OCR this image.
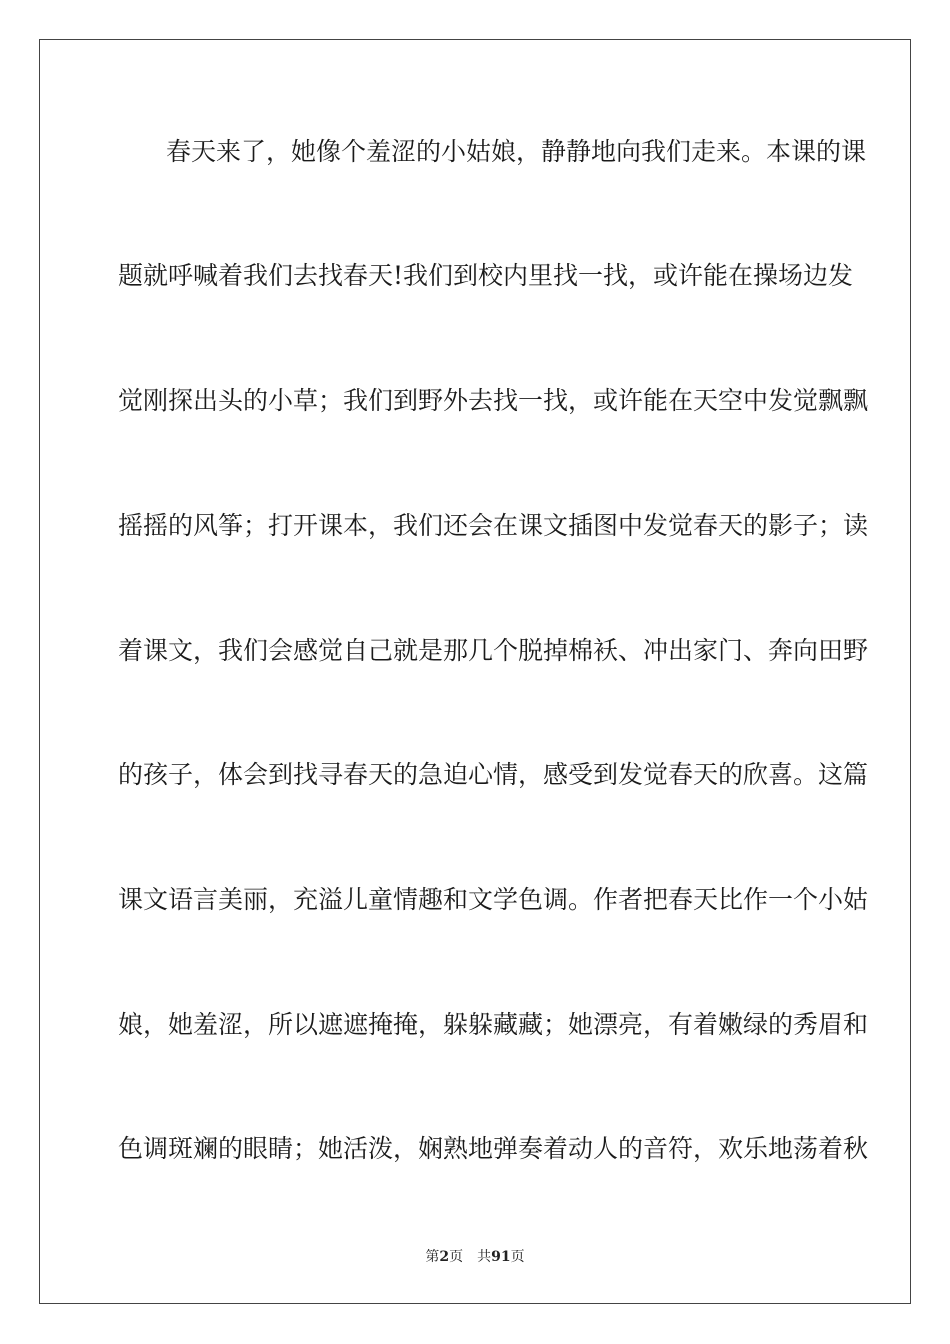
春天来了，她像个羞涩的小姑娘，静静地向我们走来。本课的课
题就呼喊着我们去找春天!我们到校内里找一找，或许能在操场边发
觉刚探出头的小草；我们到野外去找一找，或许能在天空中发觉飘飘
摇摇的风筝；打开课本，我们还会在课文插图中发觉春天的影子；读
着课文，我们会感觉自己就是那几个脱掉棉袄、冲出家门、奔向田野
的孩子，体会到找寻春天的急迫心情，感受到发觉春天的欣喜。这篇
课文语言美丽，充溢儿童情趣和文学色调。作者把春天比作一个小姑
娘，她羞涩，所以遮遮掩掩，躲躲藏藏；她漂亮，有着嫩绿的秀眉和
色调斑斓的眼睛；她活泼，娴熟地弹奏着动人的音符，欢乐地荡着秋
第2页 共91页
